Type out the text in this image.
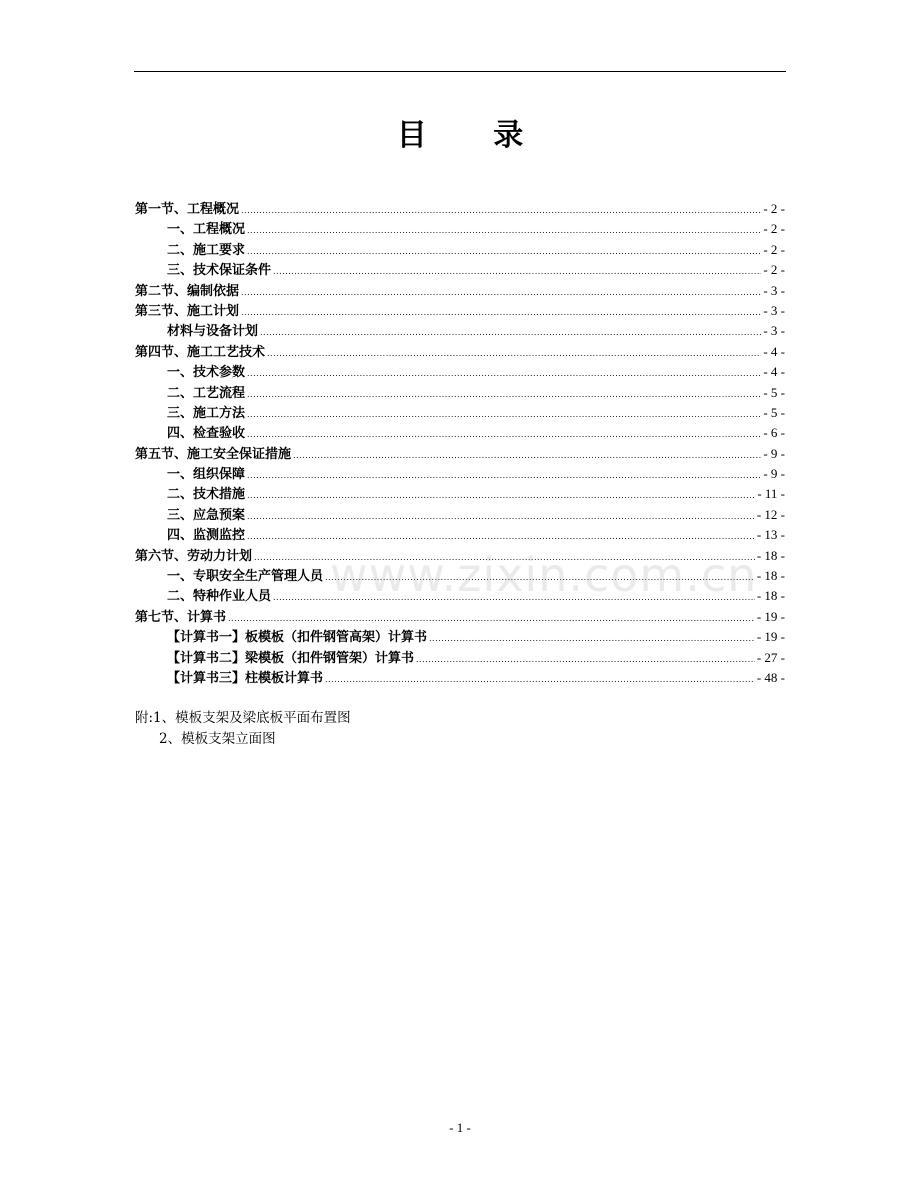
目 录
第一节、工程概况 .....	- 2 -
一、工程概况 .....	- 2 -
二、施工要求 .....	- 2 -
三、技术保证条件 .....	- 2 -
第二节、编制依据 .....	- 3 -
第三节、施工计划 .....	- 3 -
材料与设备计划 .....	- 3 -
第四节、施工工艺技术 .....	- 4 -
一、技术参数 .....	- 4 -
二、工艺流程 .....	- 5 -
三、施工方法 .....	- 5 -
四、检查验收 .....	- 6 -
第五节、施工安全保证措施 .....	- 9 -
一、组织保障 .....	- 9 -
二、技术措施 .....	- 11 -
三、应急预案 .....	- 12 -
四、监测监控 .....	- 13 -
第六节、劳动力计划 .....	- 18 -
一、专职安全生产管理人员 .....	- 18 -
二、特种作业人员 .....	- 18 -
第七节、计算书 .....	- 19 -
【计算书一】板模板（扣件钢管高架）计算书 .....	- 19 -
【计算书二】梁模板（扣件钢管架）计算书 .....	- 27 -
【计算书三】柱模板计算书 .....	- 48 -
www.zixin.com.cn
附:1、模板支架及梁底板平面布置图
2、模板支架立面图
- 1 -
